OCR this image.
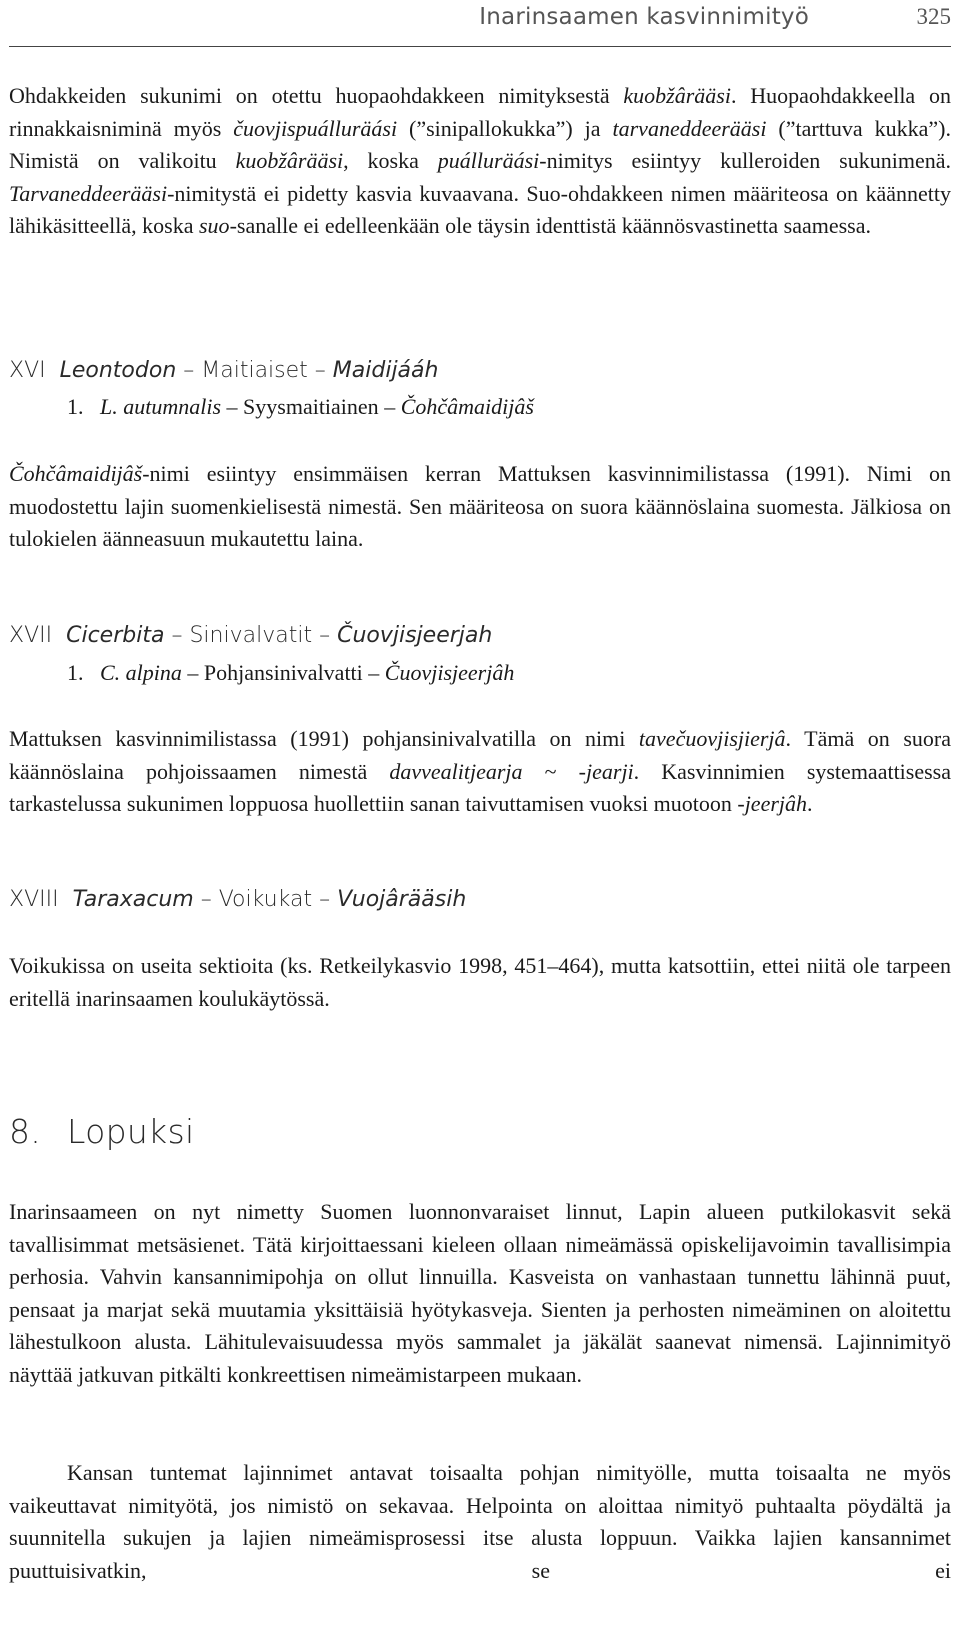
Inarinsaamen kasvinnimityö	325

Ohdakkeiden sukunimi on otettu huopaohdakkeen nimityksestä kuobžârääsi. Huopaohdakkeella on rinnakkaisniminä myös čuovjispuálluräási (”sinipallokukka”) ja tarvaneddeerääsi (”tarttuva kukka”). Nimistä on valikoitu kuobžârääsi, koska puálluräási-nimitys esiintyy kulleroiden sukunimenä. Tarvaneddeerääsi-nimitystä ei pidetty kasvia kuvaavana. Suo-ohdakkeen nimen määriteosa on käännetty lähikäsitteellä, koska suo-sanalle ei edelleenkään ole täysin identtistä käännösvastinetta saamessa.

XVI Leontodon – Maitiaiset – Maidijááh
1. L. autumnalis – Syysmaitiainen – Čohčâmaidijâš

Čohčâmaidijâš-nimi esiintyy ensimmäisen kerran Mattuksen kasvinnimilistassa (1991). Nimi on muodostettu lajin suomenkielisestä nimestä. Sen määriteosa on suora käännöslaina suomesta. Jälkiosa on tulokielen äänneasuun mukautettu laina.

XVII Cicerbita – Sinivalvatit – Čuovjisjeerjah
1. C. alpina – Pohjansinivalvatti – Čuovjisjeerjâh

Mattuksen kasvinnimilistassa (1991) pohjansinivalvatilla on nimi tavečuovjisjierjâ. Tämä on suora käännöslaina pohjoissaamen nimestä davvealitjearja ~ -jearji. Kasvinnimien systemaattisessa tarkastelussa sukunimen loppuosa huollettiin sanan taivuttamisen vuoksi muotoon -jeerjâh.

XVIII Taraxacum – Voikukat – Vuojârääsih

Voikukissa on useita sektioita (ks. Retkeilykasvio 1998, 451–464), mutta katsottiin, ettei niitä ole tarpeen eritellä inarinsaamen koulukäytössä.

8. Lopuksi

Inarinsaameen on nyt nimetty Suomen luonnonvaraiset linnut, Lapin alueen putkilokasvit sekä tavallisimmat metsäsienet. Tätä kirjoittaessani kieleen ollaan nimeämässä opiskelijavoimin tavallisimpia perhosia. Vahvin kansannimipohja on ollut linnuilla. Kasveista on vanhastaan tunnettu lähinnä puut, pensaat ja marjat sekä muutamia yksittäisiä hyötykasveja. Sienten ja perhosten nimeäminen on aloitettu lähestulkoon alusta. Lähitulevaisuudessa myös sammalet ja jäkälät saanevat nimensä. Lajinnimityö näyttää jatkuvan pitkälti konkreettisen nimeämistarpeen mukaan.

Kansan tuntemat lajinnimet antavat toisaalta pohjan nimityölle, mutta toisaalta ne myös vaikeuttavat nimityötä, jos nimistö on sekavaa. Helpointa on aloittaa nimityö puhtaalta pöydältä ja suunnitella sukujen ja lajien nimeämisprosessi itse alusta loppuun. Vaikka lajien kansannimet puuttuisivatkin, se ei
